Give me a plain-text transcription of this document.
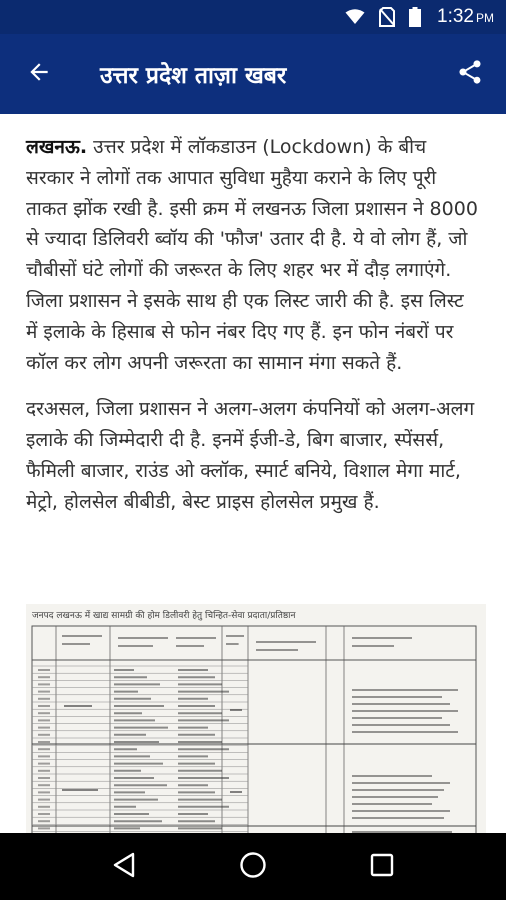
1:32 PM
उत्तर प्रदेश ताज़ा खबर

लखनऊ. उत्तर प्रदेश में लॉकडाउन (Lockdown) के बीच सरकार ने लोगों तक आपात सुविधा मुहैया कराने के लिए पूरी ताकत झोंक रखी है. इसी क्रम में लखनऊ जिला प्रशासन ने 8000 से ज्यादा डिलिवरी ब्वॉय की 'फौज' उतार दी है. ये वो लोग हैं, जो चौबीसों घंटे लोगों की जरूरत के लिए शहर भर में दौड़ लगाएंगे. जिला प्रशासन ने इसके साथ ही एक लिस्ट जारी की है. इस लिस्ट में इलाके के हिसाब से फोन नंबर दिए गए हैं. इन फोन नंबरों पर कॉल कर लोग अपनी जरूरता का सामान मंगा सकते हैं.

दरअसल, जिला प्रशासन ने अलग-अलग कंपनियों को अलग-अलग इलाके की जिम्मेदारी दी है. इनमें ईजी-डे, बिग बाजार, स्पेंसर्स, फैमिली बाजार, राउंड ओ क्लॉक, स्मार्ट बनिये, विशाल मेगा मार्ट, मेट्रो, होलसेल बीबीडी, बेस्ट प्राइस होलसेल प्रमुख हैं.

जनपद लखनऊ में खाद्य सामग्री की होम डिलीवरी हेतु चिन्हित-सेवा प्रदाता/प्रतिष्ठान
